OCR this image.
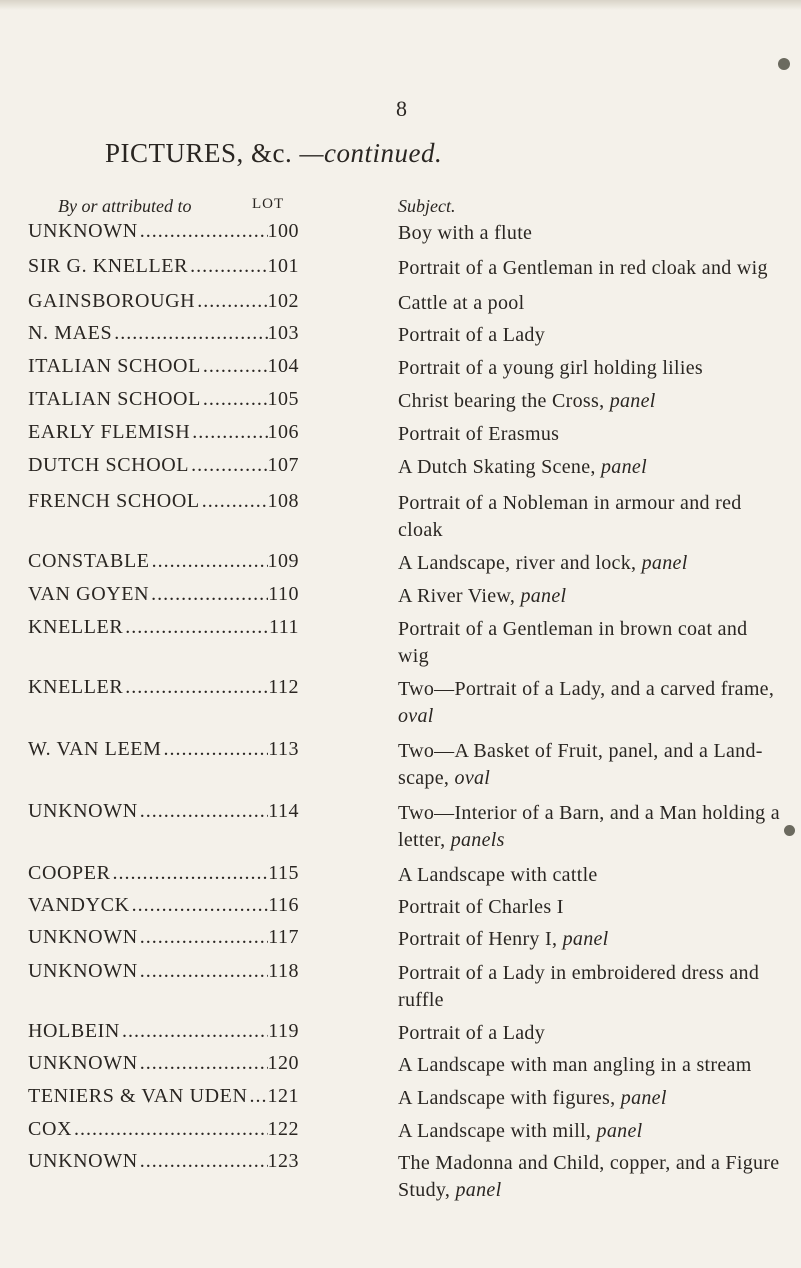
8
PICTURES, &c. —continued.
By or attributed to	LOT	Subject.
UNKNOWN .....	100	Boy with a flute
SIR G. KNELLER .....	101	Portrait of a Gentleman in red cloak and wig
GAINSBOROUGH .....	102	Cattle at a pool
N. MAES .....	103	Portrait of a Lady
ITALIAN SCHOOL .....	104	Portrait of a young girl holding lilies
ITALIAN SCHOOL .....	105	Christ bearing the Cross, panel
EARLY FLEMISH .....	106	Portrait of Erasmus
DUTCH SCHOOL .....	107	A Dutch Skating Scene, panel
FRENCH SCHOOL .....	108	Portrait of a Nobleman in armour and red cloak
CONSTABLE .....	109	A Landscape, river and lock, panel
VAN GOYEN .....	110	A River View, panel
KNELLER .....	111	Portrait of a Gentleman in brown coat and wig
KNELLER .....	112	Two—Portrait of a Lady, and a carved frame, oval
W. VAN LEEM .....	113	Two—A Basket of Fruit, panel, and a Land-scape, oval
UNKNOWN .....	114	Two—Interior of a Barn, and a Man holding a letter, panels
COOPER .....	115	A Landscape with cattle
VANDYCK .....	116	Portrait of Charles I
UNKNOWN .....	117	Portrait of Henry I, panel
UNKNOWN .....	118	Portrait of a Lady in embroidered dress and ruffle
HOLBEIN .....	119	Portrait of a Lady
UNKNOWN .....	120	A Landscape with man angling in a stream
TENIERS & VAN UDEN ..... 121	A Landscape with figures, panel
COX .....	122	A Landscape with mill, panel
UNKNOWN .....	123	The Madonna and Child, copper, and a Figure Study, panel
